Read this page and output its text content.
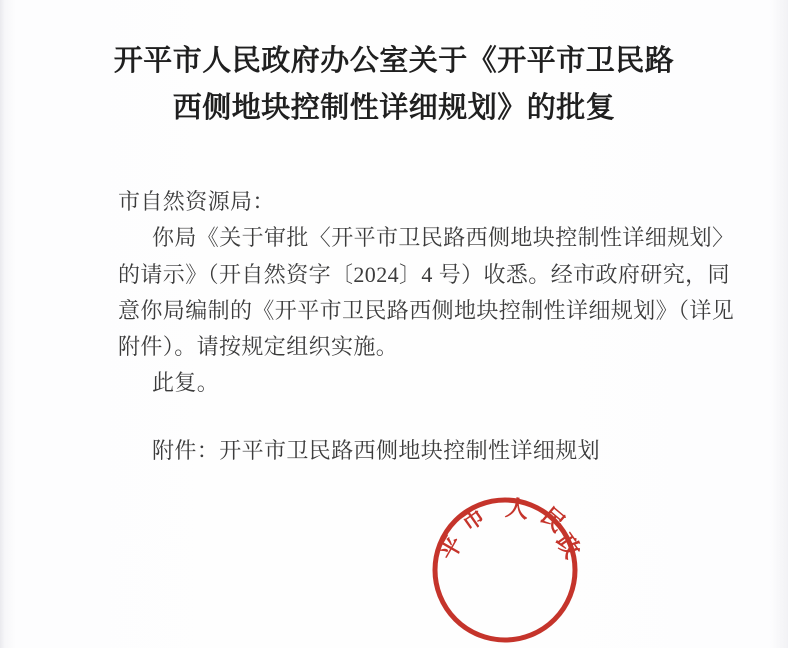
开平市人民政府办公室关于《开平市卫民路
西侧地块控制性详细规划》的批复
市自然资源局：
你局《关于审批〈开平市卫民路西侧地块控制性详细规划〉
的请示》（开自然资字〔2024〕4 号）收悉。经市政府研究，同
意你局编制的《开平市卫民路西侧地块控制性详细规划》（详见
附件）。请按规定组织实施。
此复。
附件：开平市卫民路西侧地块控制性详细规划
市 人 民
平	政
